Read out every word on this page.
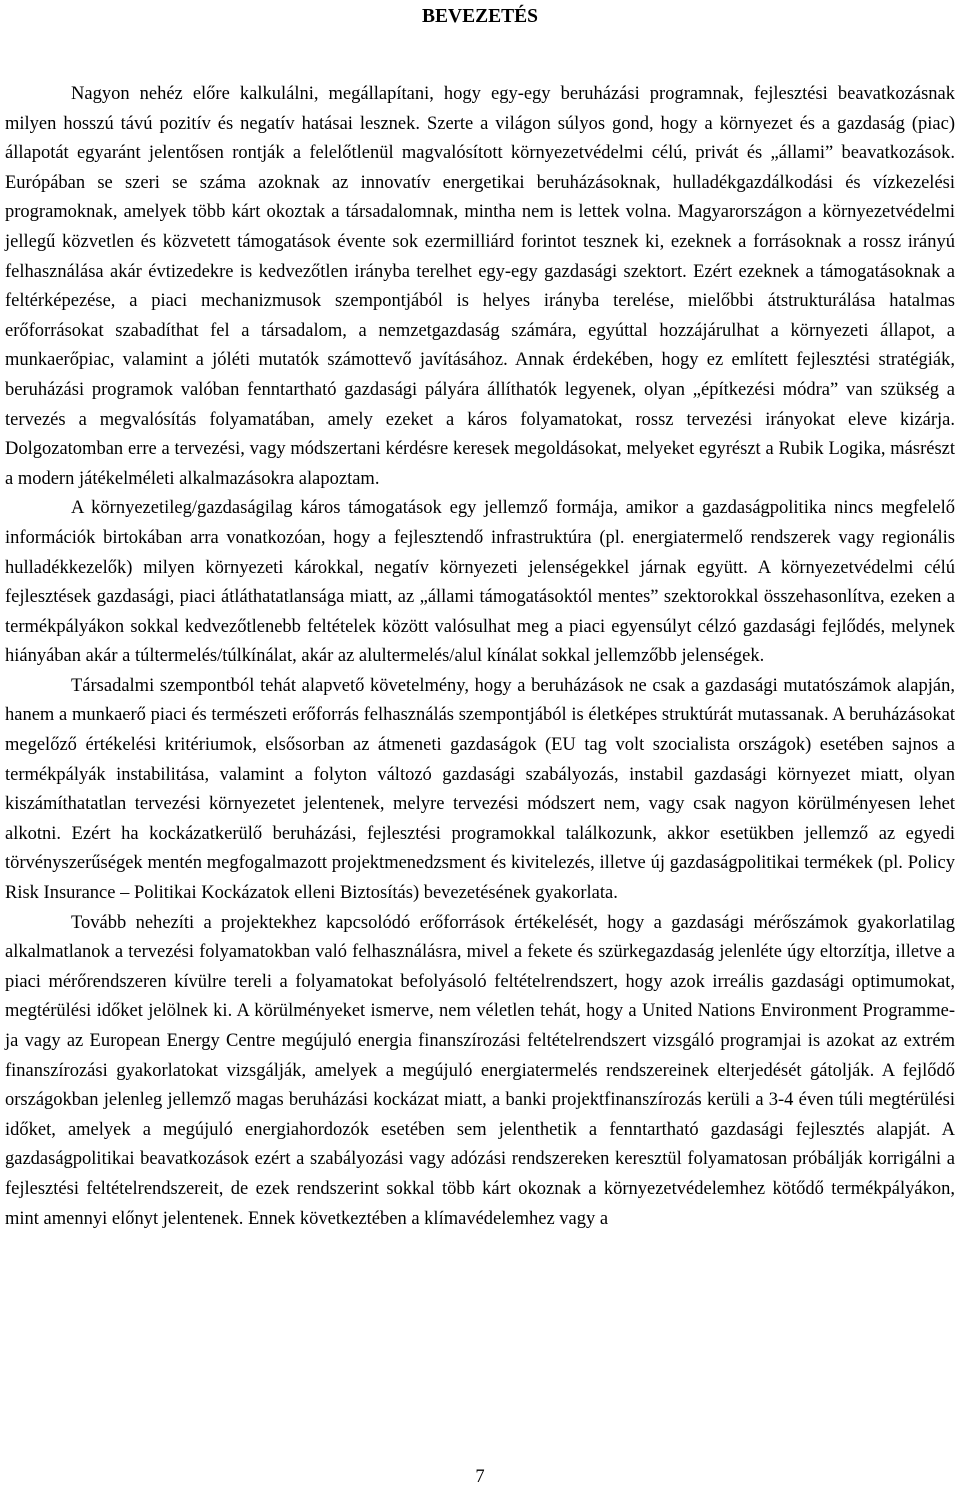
BEVEZETÉS

Nagyon nehéz előre kalkulálni, megállapítani, hogy egy-egy beruházási programnak, fejlesztési beavatkozásnak milyen hosszú távú pozitív és negatív hatásai lesznek. Szerte a világon súlyos gond, hogy a környezet és a gazdaság (piac) állapotát egyaránt jelentősen rontják a felelőtlenül magvalósított környezetvédelmi célú, privát és „állami” beavatkozások. Európában se szeri se száma azoknak az innovatív energetikai beruházásoknak, hulladékgazdálkodási és vízkezelési programoknak, amelyek több kárt okoztak a társadalomnak, mintha nem is lettek volna. Magyarországon a környezetvédelmi jellegű közvetlen és közvetett támogatások évente sok ezermilliárd forintot tesznek ki, ezeknek a forrásoknak a rossz irányú felhasználása akár évtizedekre is kedvezőtlen irányba terelhet egy-egy gazdasági szektort. Ezért ezeknek a támogatásoknak a feltérképezése, a piaci mechanizmusok szempontjából is helyes irányba terelése, mielőbbi átstrukturálása hatalmas erőforrásokat szabadíthat fel a társadalom, a nemzetgazdaság számára, egyúttal hozzájárulhat a környezeti állapot, a munkaerőpiac, valamint a jóléti mutatók számottevő javításához. Annak érdekében, hogy ez említett fejlesztési stratégiák, beruházási programok valóban fenntartható gazdasági pályára állíthatók legyenek, olyan „építkezési módra” van szükség a tervezés a megvalósítás folyamatában, amely ezeket a káros folyamatokat, rossz tervezési irányokat eleve kizárja. Dolgozatomban erre a tervezési, vagy módszertani kérdésre keresek megoldásokat, melyeket egyrészt a Rubik Logika, másrészt a modern játékelméleti alkalmazásokra alapoztam.

A környezetileg/gazdaságilag káros támogatások egy jellemző formája, amikor a gazdaságpolitika nincs megfelelő információk birtokában arra vonatkozóan, hogy a fejlesztendő infrastruktúra (pl. energiatermelő rendszerek vagy regionális hulladékkezelők) milyen környezeti károkkal, negatív környezeti jelenségekkel járnak együtt. A környezetvédelmi célú fejlesztések gazdasági, piaci átláthatatlansága miatt, az „állami támogatásoktól mentes” szektorokkal összehasonlítva, ezeken a termékpályákon sokkal kedvezőtlenebb feltételek között valósulhat meg a piaci egyensúlyt célzó gazdasági fejlődés, melynek hiányában akár a túltermelés/túlkínálat, akár az alultermelés/alul kínálat sokkal jellemzőbb jelenségek.

Társadalmi szempontból tehát alapvető követelmény, hogy a beruházások ne csak a gazdasági mutatószámok alapján, hanem a munkaerő piaci és természeti erőforrás felhasználás szempontjából is életképes struktúrát mutassanak. A beruházásokat megelőző értékelési kritériumok, elsősorban az átmeneti gazdaságok (EU tag volt szocialista országok) esetében sajnos a termékpályák instabilitása, valamint a folyton változó gazdasági szabályozás, instabil gazdasági környezet miatt, olyan kiszámíthatatlan tervezési környezetet jelentenek, melyre tervezési módszert nem, vagy csak nagyon körülményesen lehet alkotni. Ezért ha kockázatkerülő beruházási, fejlesztési programokkal találkozunk, akkor esetükben jellemző az egyedi törvényszerűségek mentén megfogalmazott projektmenedzsment és kivitelezés, illetve új gazdaságpolitikai termékek (pl. Policy Risk Insurance – Politikai Kockázatok elleni Biztosítás) bevezetésének gyakorlata.

Tovább nehezíti a projektekhez kapcsolódó erőforrások értékelését, hogy a gazdasági mérőszámok gyakorlatilag alkalmatlanok a tervezési folyamatokban való felhasználásra, mivel a fekete és szürkegazdaság jelenléte úgy eltorzítja, illetve a piaci mérőrendszeren kívülre tereli a folyamatokat befolyásoló feltételrendszert, hogy azok irreális gazdasági optimumokat, megtérülési időket jelölnek ki. A körülményeket ismerve, nem véletlen tehát, hogy a United Nations Environment Programme-ja vagy az European Energy Centre megújuló energia finanszírozási feltételrendszert vizsgáló programjai is azokat az extrém finanszírozási gyakorlatokat vizsgálják, amelyek a megújuló energiatermelés rendszereinek elterjedését gátolják. A fejlődő országokban jelenleg jellemző magas beruházási kockázat miatt, a banki projektfinanszírozás kerüli a 3-4 éven túli megtérülési időket, amelyek a megújuló energiahordozók esetében sem jelenthetik a fenntartható gazdasági fejlesztés alapját. A gazdaságpolitikai beavatkozások ezért a szabályozási vagy adózási rendszereken keresztül folyamatosan próbálják korrigálni a fejlesztési feltételrendszereit, de ezek rendszerint sokkal több kárt okoznak a környezetvédelemhez kötődő termékpályákon, mint amennyi előnyt jelentenek. Ennek következtében a klímavédelemhez vagy a

7
